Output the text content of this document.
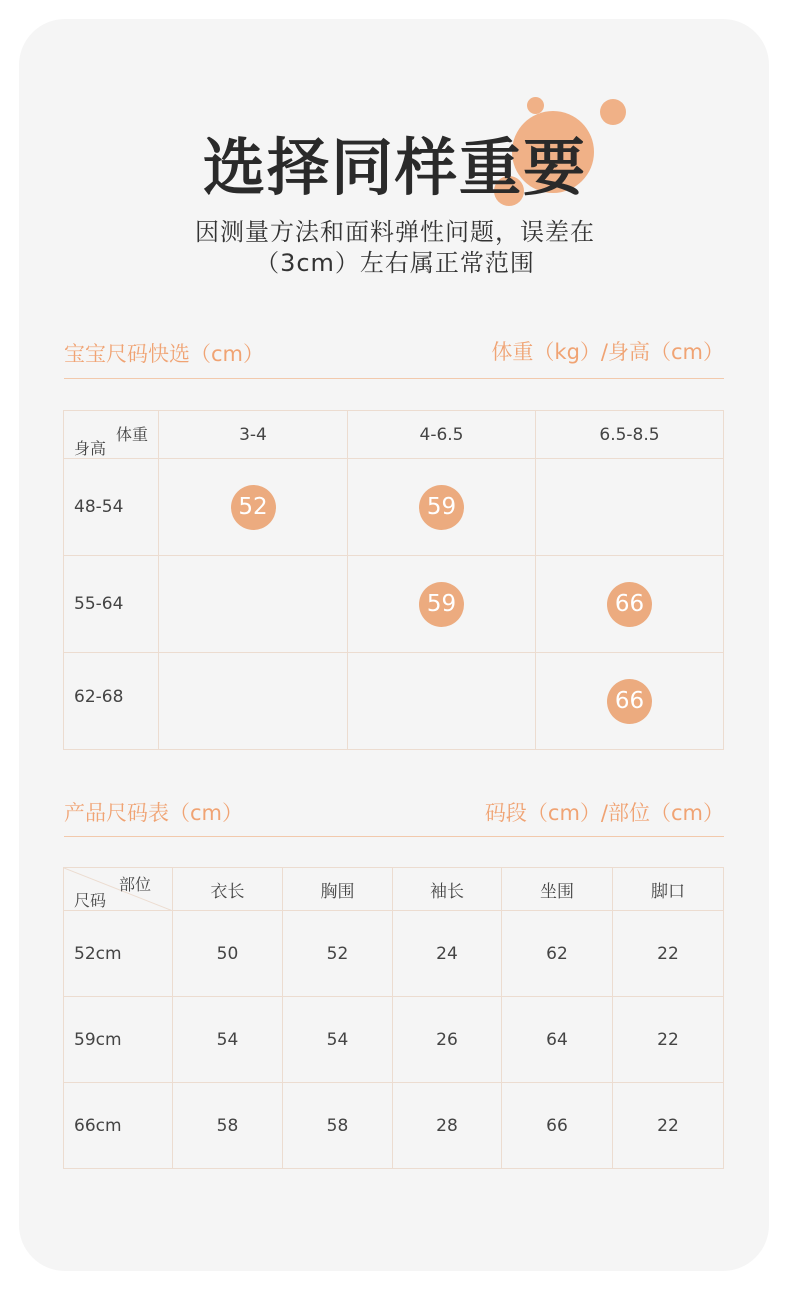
选择同样重要
因测量方法和面料弹性问题，误差在
（3cm）左右属正常范围
宝宝尺码快选（cm）	体重（kg）/身高（cm）
体重
身高	3-4	4-6.5	6.5-8.5
48-54	52	59	
55-64		59	66
62-68			66
产品尺码表（cm）	码段（cm）/部位（cm）
部位
尺码	衣长	胸围	袖长	坐围	脚口
52cm	50	52	24	62	22
59cm	54	54	26	64	22
66cm	58	58	28	66	22
